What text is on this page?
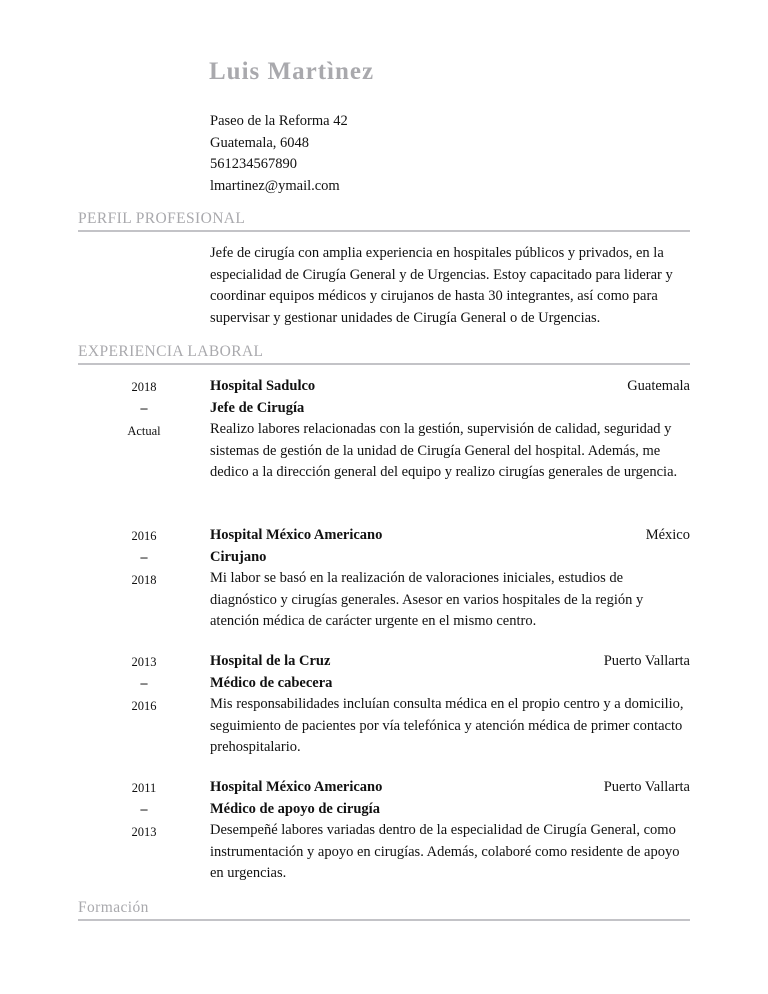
Luis Martìnez
Paseo de la Reforma 42
Guatemala, 6048
561234567890
lmartinez@ymail.com
PERFIL PROFESIONAL

Jefe de cirugía con amplia experiencia en hospitales públicos y privados, en la especialidad de Cirugía General y de Urgencias. Estoy capacitado para liderar y coordinar equipos médicos y cirujanos de hasta 30 integrantes, así como para supervisar y gestionar unidades de Cirugía General o de Urgencias.

EXPERIENCIA LABORAL
2018
–
Actual
Hospital Sadulco	Guatemala
Jefe de Cirugía

Realizo labores relacionadas con la gestión, supervisión de calidad, seguridad y sistemas de gestión de la unidad de Cirugía General del hospital. Además, me dedico a la dirección general del equipo y realizo cirugías generales de urgencia.

2016
–
2018
Hospital México Americano	México
Cirujano

Mi labor se basó en la realización de valoraciones iniciales, estudios de diagnóstico y cirugías generales. Asesor en varios hospitales de la región y atención médica de carácter urgente en el mismo centro.

2013
–
2016
Hospital de la Cruz	Puerto Vallarta
Médico de cabecera

Mis responsabilidades incluían consulta médica en el propio centro y a domicilio, seguimiento de pacientes por vía telefónica y atención médica de primer contacto prehospitalario.

2011
–
2013
Hospital México Americano	Puerto Vallarta
Médico de apoyo de cirugía

Desempeñé labores variadas dentro de la especialidad de Cirugía General, como instrumentación y apoyo en cirugías. Además, colaboré como residente de apoyo en urgencias.

Formación
